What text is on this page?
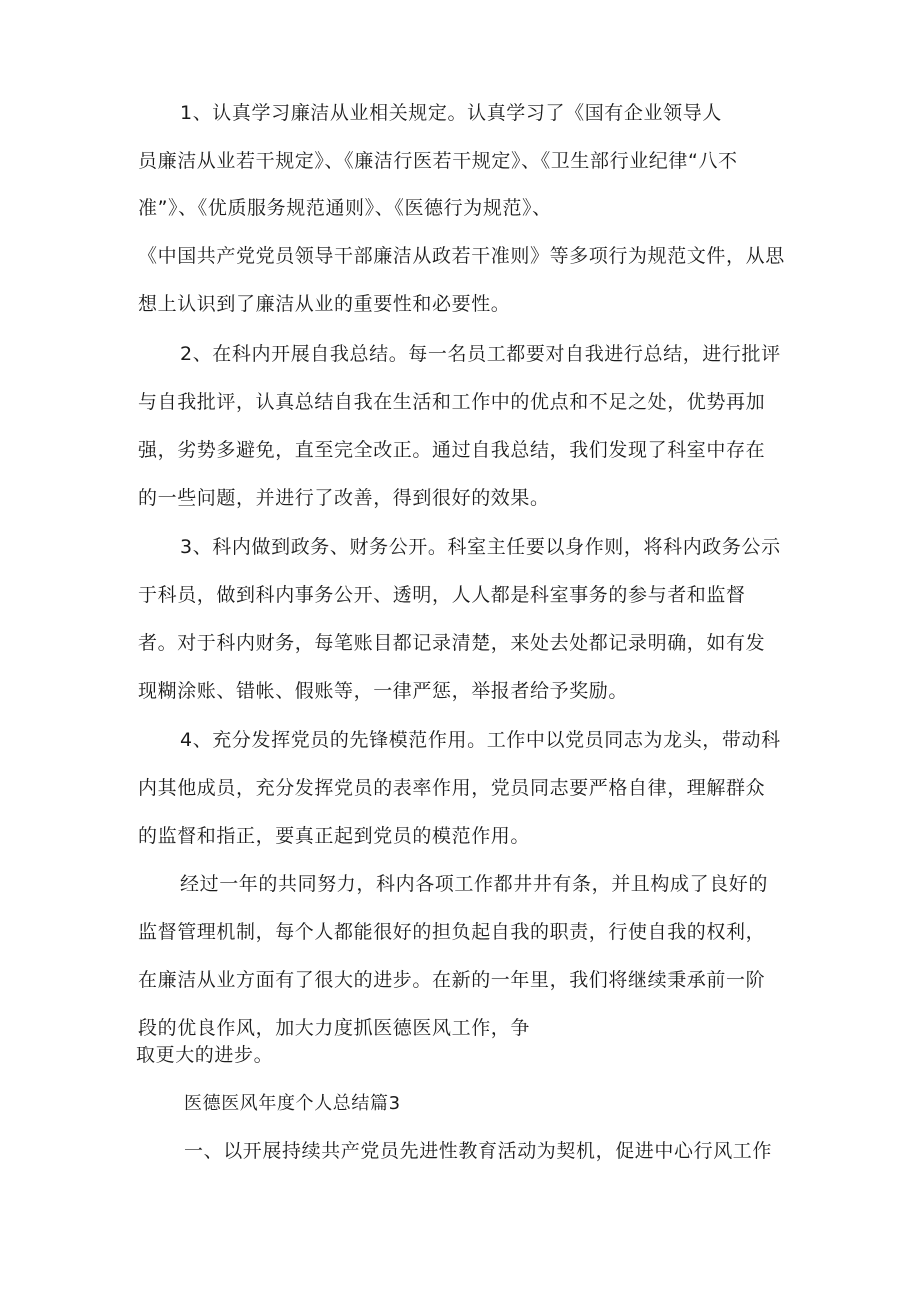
1、认真学习廉洁从业相关规定。认真学习了《国有企业领导人
员廉洁从业若干规定》、《廉洁行医若干规定》、《卫生部行业纪律“八不
准”》、《优质服务规范通则》、《医德行为规范》、
《中国共产党党员领导干部廉洁从政若干准则》等多项行为规范文件，从思
想上认识到了廉洁从业的重要性和必要性。
2、在科内开展自我总结。每一名员工都要对自我进行总结，进行批评
与自我批评，认真总结自我在生活和工作中的优点和不足之处，优势再加
强，劣势多避免，直至完全改正。通过自我总结，我们发现了科室中存在
的一些问题，并进行了改善，得到很好的效果。
3、科内做到政务、财务公开。科室主任要以身作则，将科内政务公示
于科员，做到科内事务公开、透明，人人都是科室事务的参与者和监督
者。对于科内财务，每笔账目都记录清楚，来处去处都记录明确，如有发
现糊涂账、错帐、假账等，一律严惩，举报者给予奖励。
4、充分发挥党员的先锋模范作用。工作中以党员同志为龙头，带动科
内其他成员，充分发挥党员的表率作用，党员同志要严格自律，理解群众
的监督和指正，要真正起到党员的模范作用。
经过一年的共同努力，科内各项工作都井井有条，并且构成了良好的
监督管理机制，每个人都能很好的担负起自我的职责，行使自我的权利，
在廉洁从业方面有了很大的进步。在新的一年里，我们将继续秉承前一阶
段的优良作风，加大力度抓医德医风工作，争
取更大的进步。
医德医风年度个人总结篇3
一、以开展持续共产党员先进性教育活动为契机，促进中心行风工作
